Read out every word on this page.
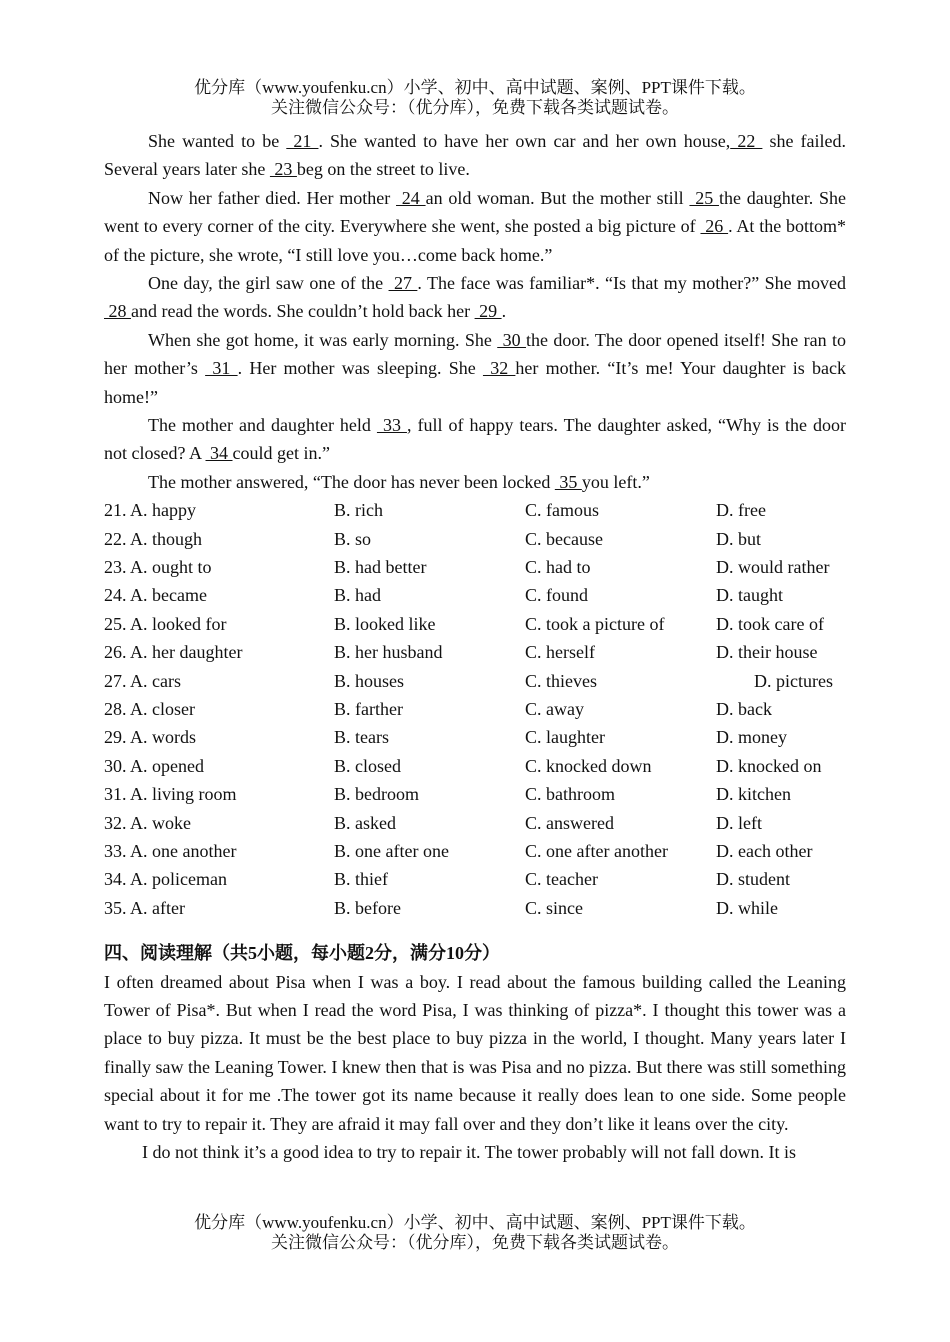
优分库（www.youfenku.cn）小学、初中、高中试题、案例、PPT课件下载。
关注微信公众号：（优分库），免费下载各类试题试卷。

She wanted to be  21 . She wanted to have her own car and her own house, 22  she failed. Several years later she  23 beg on the street to live.

Now her father died. Her mother  24 an old woman. But the mother still  25 the daughter. She went to every corner of the city. Everywhere she went, she posted a big picture of  26 . At the bottom* of the picture, she wrote, “I still love you…come back home.”

One day, the girl saw one of the  27 . The face was familiar*. “Is that my mother?” She moved  28 and read the words. She couldn’t hold back her  29 .

When she got home, it was early morning. She  30 the door. The door opened itself! She ran to her mother’s  31 . Her mother was sleeping. She  32 her mother. “It’s me! Your daughter is back home!”

The mother and daughter held  33 , full of happy tears. The daughter asked, “Why is the door not closed? A  34 could get in.”

The mother answered, “The door has never been locked  35 you left.”

21. A. happy	B. rich	C. famous	D. free
22. A. though	B. so	C. because	D. but
23. A. ought to	B. had better	C. had to	D. would rather
24. A. became	B. had	C. found	D. taught
25. A. looked for	B. looked like	C. took a picture of	D. took care of
26. A. her daughter	B. her husband	C. herself	D. their house
27. A. cars	B. houses	C. thieves	D. pictures
28. A. closer	B. farther	C. away	D. back
29. A. words	B. tears	C. laughter	D. money
30. A. opened	B. closed	C. knocked down	D. knocked on
31. A. living room	B. bedroom	C. bathroom	D. kitchen
32. A. woke	B. asked	C. answered	D. left
33. A. one another	B. one after one	C. one after another	D. each other
34. A. policeman	B. thief	C. teacher	D. student
35. A. after	B. before	C. since	D. while
四、阅读理解（共5小题，每小题2分，满分10分）

I often dreamed about Pisa when I was a boy. I read about the famous building called the Leaning Tower of Pisa*. But when I read the word Pisa, I was thinking of pizza*. I thought this tower was a place to buy pizza. It must be the best place to buy pizza in the world, I thought. Many years later I finally saw the Leaning Tower. I knew then that is was Pisa and no pizza. But there was still something special about it for me .The tower got its name because it really does lean to one side. Some people want to try to repair it. They are afraid it may fall over and they don’t like it leans over the city.

I do not think it’s a good idea to try to repair it. The tower probably will not fall down. It is

优分库（www.youfenku.cn）小学、初中、高中试题、案例、PPT课件下载。
关注微信公众号：（优分库），免费下载各类试题试卷。
